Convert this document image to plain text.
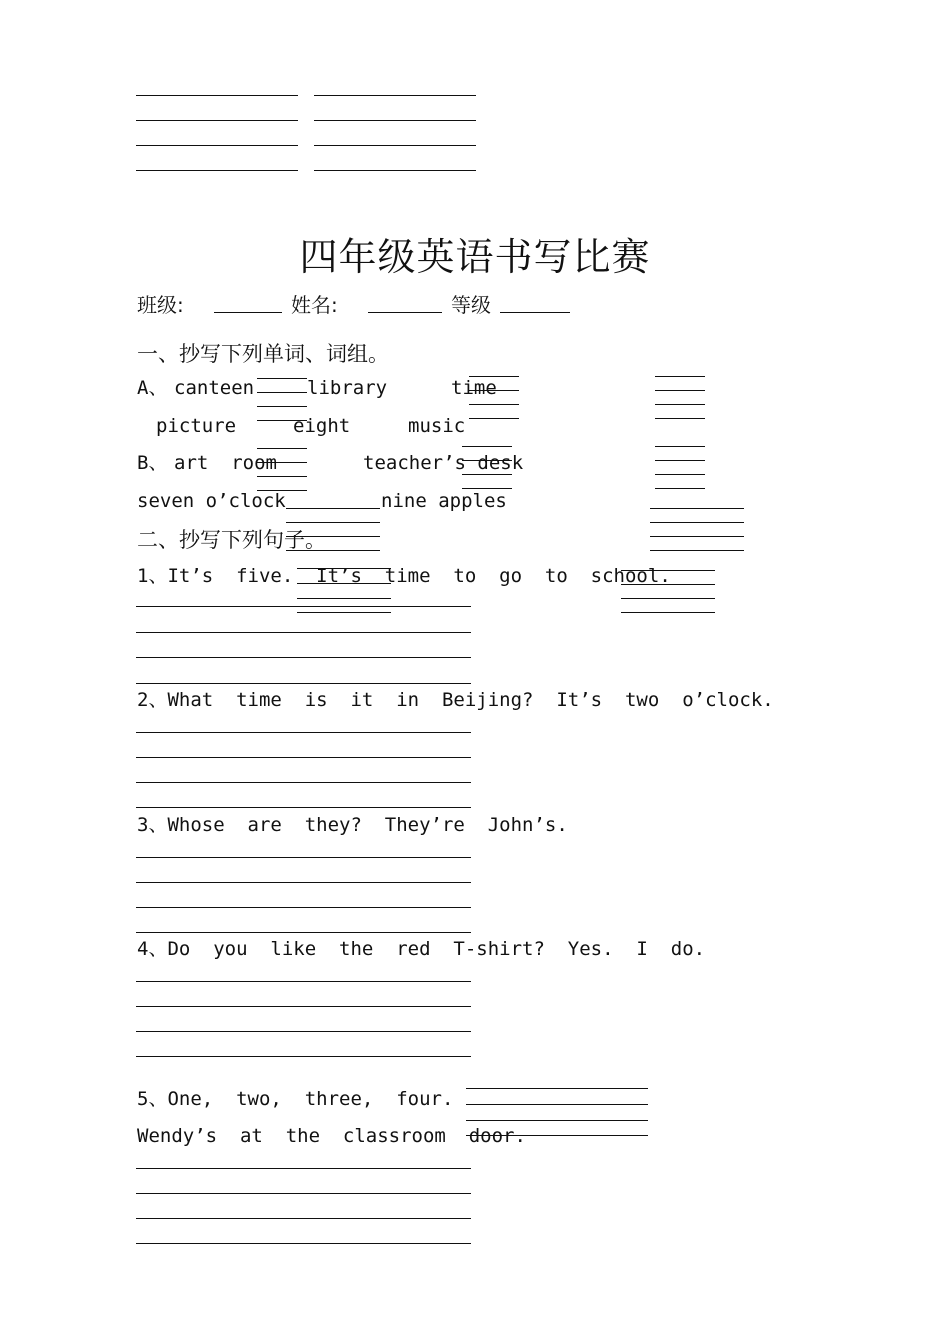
四年级英语书写比赛
班级:	姓名:	等级
一、抄写下列单词、词组。
A、 canteen	library	time
picture	eight	music
B、 art  room	teacher’s desk
seven o’clock	nine apples
二、抄写下列句子。
1、It’s  five.  It’s  time  to  go  to  school.
2、What  time  is  it  in  Beijing?  It’s  two  o’clock.
3、Whose  are  they?  They’re  John’s.
4、Do  you  like  the  red  T-shirt?  Yes.  I  do.
5、One,  two,  three,  four.
Wendy’s  at  the  classroom  door.
